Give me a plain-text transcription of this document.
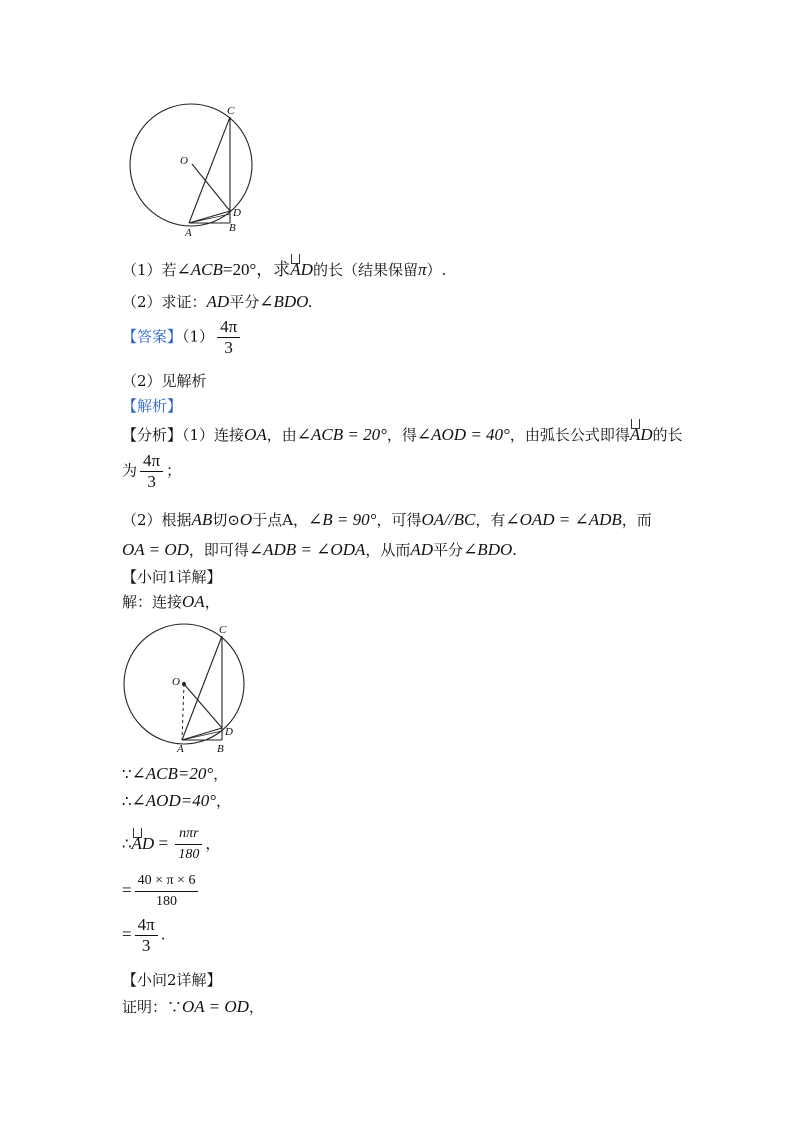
C
O
D
A	B
（1）若∠ACB=20°，求AD的长（结果保留π）.
（2）求证：AD平分∠BDO.
【答案】$(1) \frac{4\pi}{3}$
（2）见解析
【解析】
【分析】（1）连接OA，由∠ACB = 20°，得∠AOD = 40°，由弧长公式即得AD的长
为 $\frac{4\pi}{3}$ ；
（2）根据AB切⊙O于点A，∠B = 90°，可得OA//BC，有∠OAD = ∠ADB，而
OA = OD，即可得∠ADB = ∠ODA，从而AD平分∠BDO.
【小问1详解】
解：连接OA，
C
O
D
A	B
∵∠ACB=20°，
∴∠AOD=40°，
∴AD = $\frac{\text{nπr}}{180}$ ，
= $\frac{40 \times \pi \times 6}{180}$
= $\frac{4\pi}{3}$ .
【小问2详解】
证明：∵OA = OD，
